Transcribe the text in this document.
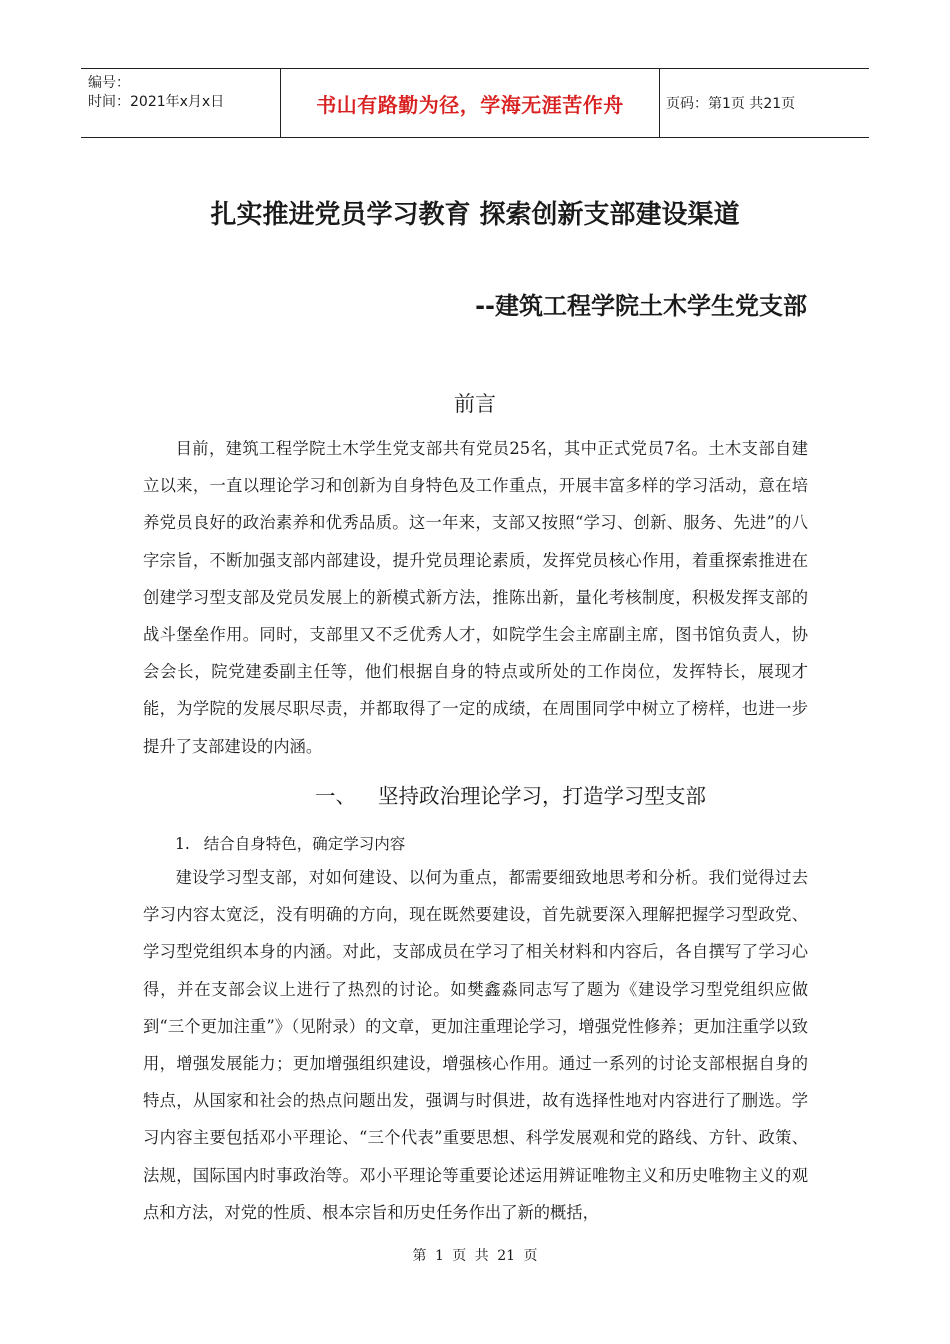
编号：
时间：2021年x月x日	书山有路勤为径，学海无涯苦作舟	页码：第1页 共21页
扎实推进党员学习教育 探索创新支部建设渠道
--建筑工程学院土木学生党支部
前言

目前，建筑工程学院土木学生党支部共有党员25名，其中正式党员7名。土木支部自建立以来，一直以理论学习和创新为自身特色及工作重点，开展丰富多样的学习活动，意在培养党员良好的政治素养和优秀品质。这一年来，支部又按照“学习、创新、服务、先进”的八字宗旨，不断加强支部内部建设，提升党员理论素质，发挥党员核心作用，着重探索推进在创建学习型支部及党员发展上的新模式新方法，推陈出新，量化考核制度，积极发挥支部的战斗堡垒作用。同时，支部里又不乏优秀人才，如院学生会主席副主席，图书馆负责人，协会会长，院党建委副主任等，他们根据自身的特点或所处的工作岗位，发挥特长，展现才能，为学院的发展尽职尽责，并都取得了一定的成绩，在周围同学中树立了榜样，也进一步提升了支部建设的内涵。

一、 坚持政治理论学习，打造学习型支部
1. 结合自身特色，确定学习内容

建设学习型支部，对如何建设、以何为重点，都需要细致地思考和分析。我们觉得过去学习内容太宽泛，没有明确的方向，现在既然要建设，首先就要深入理解把握学习型政党、学习型党组织本身的内涵。对此，支部成员在学习了相关材料和内容后，各自撰写了学习心得，并在支部会议上进行了热烈的讨论。如樊鑫淼同志写了题为《建设学习型党组织应做到“三个更加注重”》（见附录）的文章，更加注重理论学习，增强党性修养；更加注重学以致用，增强发展能力；更加增强组织建设，增强核心作用。通过一系列的讨论支部根据自身的特点，从国家和社会的热点问题出发，强调与时俱进，故有选择性地对内容进行了删选。学习内容主要包括邓小平理论、“三个代表”重要思想、科学发展观和党的路线、方针、政策、法规，国际国内时事政治等。邓小平理论等重要论述运用辨证唯物主义和历史唯物主义的观点和方法，对党的性质、根本宗旨和历史任务作出了新的概括，

第 1 页 共 21 页
